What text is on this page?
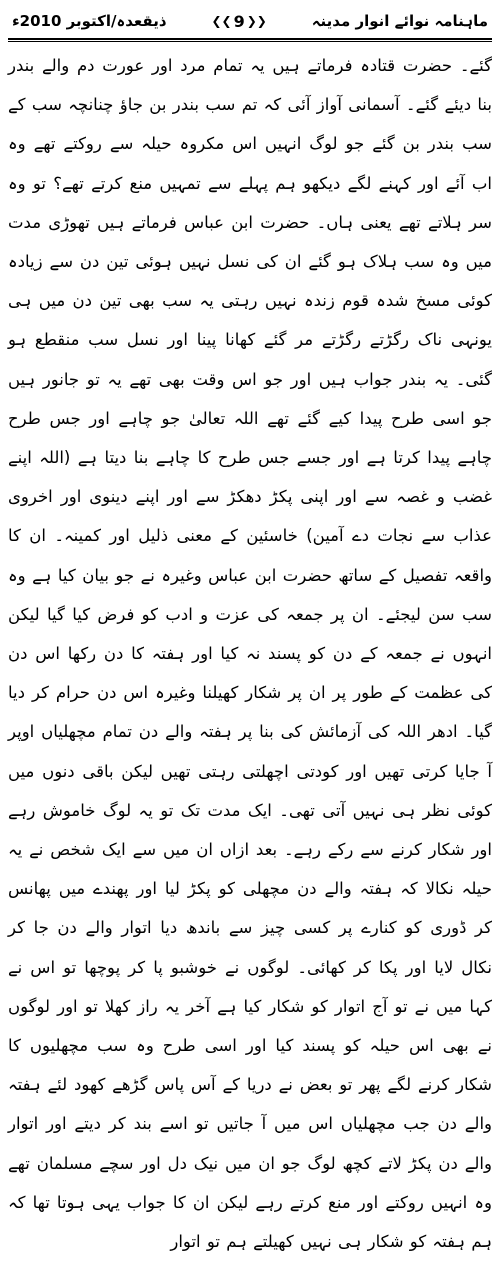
ماہنامہ نوائے انوار مدینہ
❮❮
9
❯❯
ذیقعدہ/اکتوبر 2010ء

گئے۔ حضرت قتادہ فرماتے ہیں یہ تمام مرد اور عورت دم والے بندر بنا دیئے گئے۔ آسمانی آواز آئی کہ تم سب بندر بن جاؤ چنانچہ سب کے سب بندر بن گئے جو لوگ انہیں اس مکروہ حیلہ سے روکتے تھے وہ اب آئے اور کہنے لگے دیکھو ہم پہلے سے تمہیں منع کرتے تھے؟ تو وہ سر ہلاتے تھے یعنی ہاں۔ حضرت ابن عباس فرماتے ہیں تھوڑی مدت میں وہ سب ہلاک ہو گئے ان کی نسل نہیں ہوئی تین دن سے زیادہ کوئی مسخ شدہ قوم زندہ نہیں رہتی یہ سب بھی تین دن میں ہی یونہی ناک رگڑتے رگڑتے مر گئے کھانا پینا اور نسل سب منقطع ہو گئی۔ یہ بندر جواب ہیں اور جو اس وقت بھی تھے یہ تو جانور ہیں جو اسی طرح پیدا کیے گئے تھے اللہ تعالیٰ جو چاہے اور جس طرح چاہے پیدا کرتا ہے اور جسے جس طرح کا چاہے بنا دیتا ہے (اللہ اپنے غضب و غصہ سے اور اپنی پکڑ دھکڑ سے اور اپنے دینوی اور اخروی عذاب سے نجات دے آمین) خاسئین کے معنی ذلیل اور کمینہ۔ ان کا واقعہ تفصیل کے ساتھ حضرت ابن عباس وغیرہ نے جو بیان کیا ہے وہ سب سن لیجئے۔ ان پر جمعہ کی عزت و ادب کو فرض کیا گیا لیکن انہوں نے جمعہ کے دن کو پسند نہ کیا اور ہفتہ کا دن رکھا اس دن کی عظمت کے طور پر ان پر شکار کھیلنا وغیرہ اس دن حرام کر دیا گیا۔ ادھر اللہ کی آزمائش کی بنا پر ہفتہ والے دن تمام مچھلیاں اوپر آ جایا کرتی تھیں اور کودتی اچھلتی رہتی تھیں لیکن باقی دنوں میں کوئی نظر ہی نہیں آتی تھی۔ ایک مدت تک تو یہ لوگ خاموش رہے اور شکار کرنے سے رکے رہے۔ بعد ازاں ان میں سے ایک شخص نے یہ حیلہ نکالا کہ ہفتہ والے دن مچھلی کو پکڑ لیا اور پھندے میں پھانس کر ڈوری کو کنارے پر کسی چیز سے باندھ دیا اتوار والے دن جا کر نکال لایا اور پکا کر کھائی۔ لوگوں نے خوشبو پا کر پوچھا تو اس نے کہا میں نے تو آج اتوار کو شکار کیا ہے آخر یہ راز کھلا تو اور لوگوں نے بھی اس حیلہ کو پسند کیا اور اسی طرح وہ سب مچھلیوں کا شکار کرنے لگے پھر تو بعض نے دریا کے آس پاس گڑھے کھود لئے ہفتہ والے دن جب مچھلیاں اس میں آ جاتیں تو اسے بند کر دیتے اور اتوار والے دن پکڑ لاتے کچھ لوگ جو ان میں نیک دل اور سچے مسلمان تھے وہ انہیں روکتے اور منع کرتے رہے لیکن ان کا جواب یہی ہوتا تھا کہ ہم ہفتہ کو شکار ہی نہیں کھیلتے ہم تو اتوار
